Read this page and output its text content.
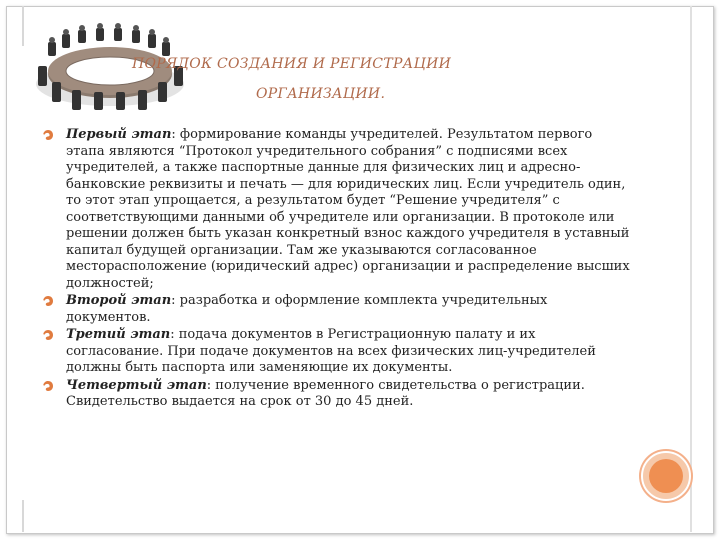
ПОРЯДОК СОЗДАНИЯ И РЕГИСТРАЦИИ
ОРГАНИЗАЦИИ.
Первый этап: формирование команды учредителей. Результатом первого этапа являются “Протокол учредительного собрания” с подписями всех учредителей, а также паспортные данные для физических лиц и адресно-банковские реквизиты и печать — для юридических лиц. Если учредитель один, то этот этап упрощается, а результатом будет “Решение учредителя” с соответствующими данными об учредителе или организации. В протоколе или решении должен быть указан конкретный взнос каждого учредителя в уставный капитал будущей организации. Там же указываются согласованное месторасположение (юридический адрес) организации и распределение высших должностей;
Второй этап: разработка и оформление комплекта учредительных документов.
Третий этап: подача документов в Регистрационную палату и их согласование. При подаче документов на всех физических лиц-учредителей должны быть паспорта или заменяющие их документы.
Четвертый этап: получение временного свидетельства о регистрации. Свидетельство выдается на срок от 30 до 45 дней.
